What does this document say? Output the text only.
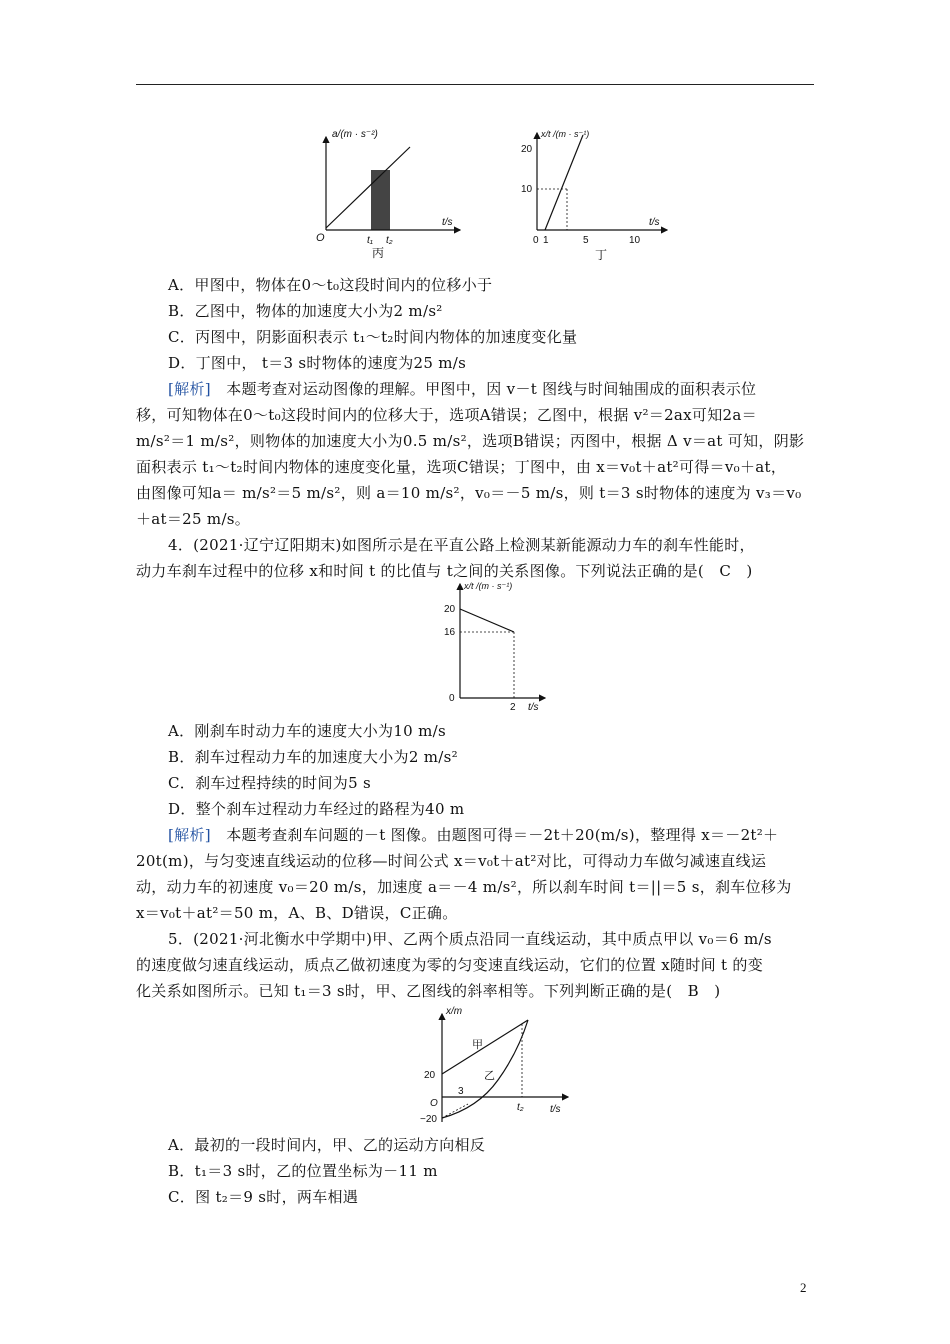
a/(m · s⁻²)
t/s
O	t₁ t₂
丙
x/t /(m · s⁻¹)
t/s
20
10
0 1	5	10
丁
A．甲图中，物体在0～t₀这段时间内的位移小于
B．乙图中，物体的加速度大小为2 m/s²
C．丙图中，阴影面积表示 t₁～t₂时间内物体的加速度变化量
D．丁图中， t＝3 s时物体的速度为25 m/s
[解析]　本题考查对运动图像的理解。甲图中，因 v－t 图线与时间轴围成的面积表示位
移，可知物体在0～t₀这段时间内的位移大于，选项A错误；乙图中，根据 v²＝2ax可知2a＝
m/s²＝1 m/s²，则物体的加速度大小为0.5 m/s²，选项B错误；丙图中，根据 Δ v＝at 可知，阴影
面积表示 t₁～t₂时间内物体的速度变化量，选项C错误；丁图中，由 x＝v₀t＋at²可得＝v₀＋at，
由图像可知a＝ m/s²＝5 m/s²，则 a＝10 m/s²，v₀＝－5 m/s，则 t＝3 s时物体的速度为 v₃＝v₀
＋at＝25 m/s。
4．(2021·辽宁辽阳期末)如图所示是在平直公路上检测某新能源动力车的刹车性能时，
动力车刹车过程中的位移 x和时间 t 的比值与 t之间的关系图像。下列说法正确的是(　C　)
x/t /(m · s⁻¹)
t/s
20
16
0
2
A．刚刹车时动力车的速度大小为10 m/s
B．刹车过程动力车的加速度大小为2 m/s²
C．刹车过程持续的时间为5 s
D．整个刹车过程动力车经过的路程为40 m
[解析]　本题考查刹车问题的－t 图像。由题图可得＝－2t＋20(m/s)，整理得 x＝－2t²＋
20t(m)，与匀变速直线运动的位移—时间公式 x＝v₀t＋at²对比，可得动力车做匀减速直线运
动，动力车的初速度 v₀＝20 m/s，加速度 a＝－4 m/s²，所以刹车时间 t＝||＝5 s，刹车位移为
x＝v₀t＋at²＝50 m，A、B、D错误，C正确。
5．(2021·河北衡水中学期中)甲、乙两个质点沿同一直线运动，其中质点甲以 v₀＝6 m/s
的速度做匀速直线运动，质点乙做初速度为零的匀变速直线运动，它们的位置 x随时间 t 的变
化关系如图所示。已知 t₁＝3 s时，甲、乙图线的斜率相等。下列判断正确的是(　B　)
x/m
t/s
甲
乙
20
−20
O
3
t₂
A．最初的一段时间内，甲、乙的运动方向相反
B．t₁＝3 s时，乙的位置坐标为－11 m
C．图 t₂＝9 s时，两车相遇
2
